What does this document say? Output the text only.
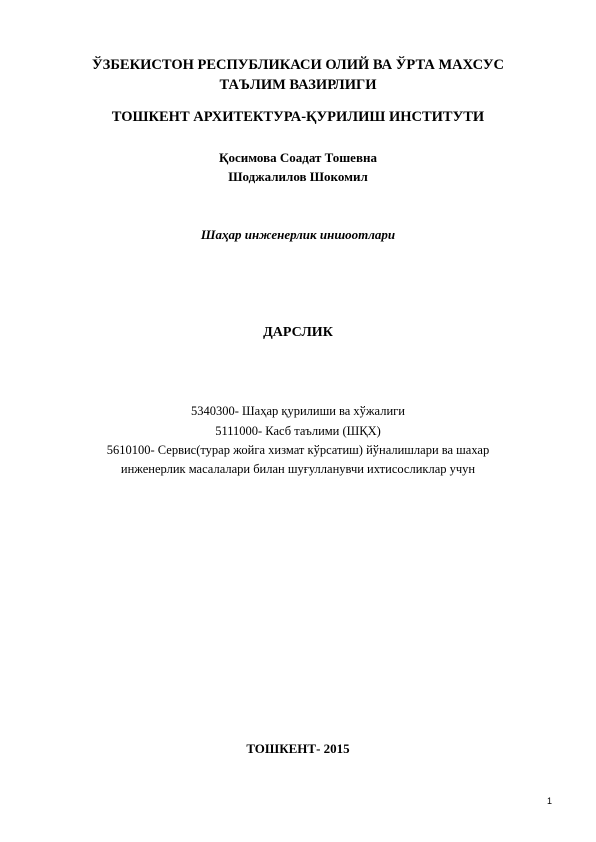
ЎЗБЕКИСТОН РЕСПУБЛИКАСИ ОЛИЙ ВА ЎРТА МАХСУС
ТАЪЛИМ ВАЗИРЛИГИ
ТОШКЕНТ АРХИТЕКТУРА-ҚУРИЛИШ ИНСТИТУТИ
Қосимова Соадат Тошевна
Шоджалилов Шокомил
Шаҳар инженерлик иншоотлари
ДАРСЛИК
5340300- Шаҳар қурилиши ва хўжалиги
5111000- Касб таълими (ШҚХ)
5610100- Сервис(турар жойга хизмат кўрсатиш) йўналишлари ва шахар
инженерлик масалалари билан шуғулланувчи ихтисосликлар учун
ТОШКЕНТ- 2015
1
